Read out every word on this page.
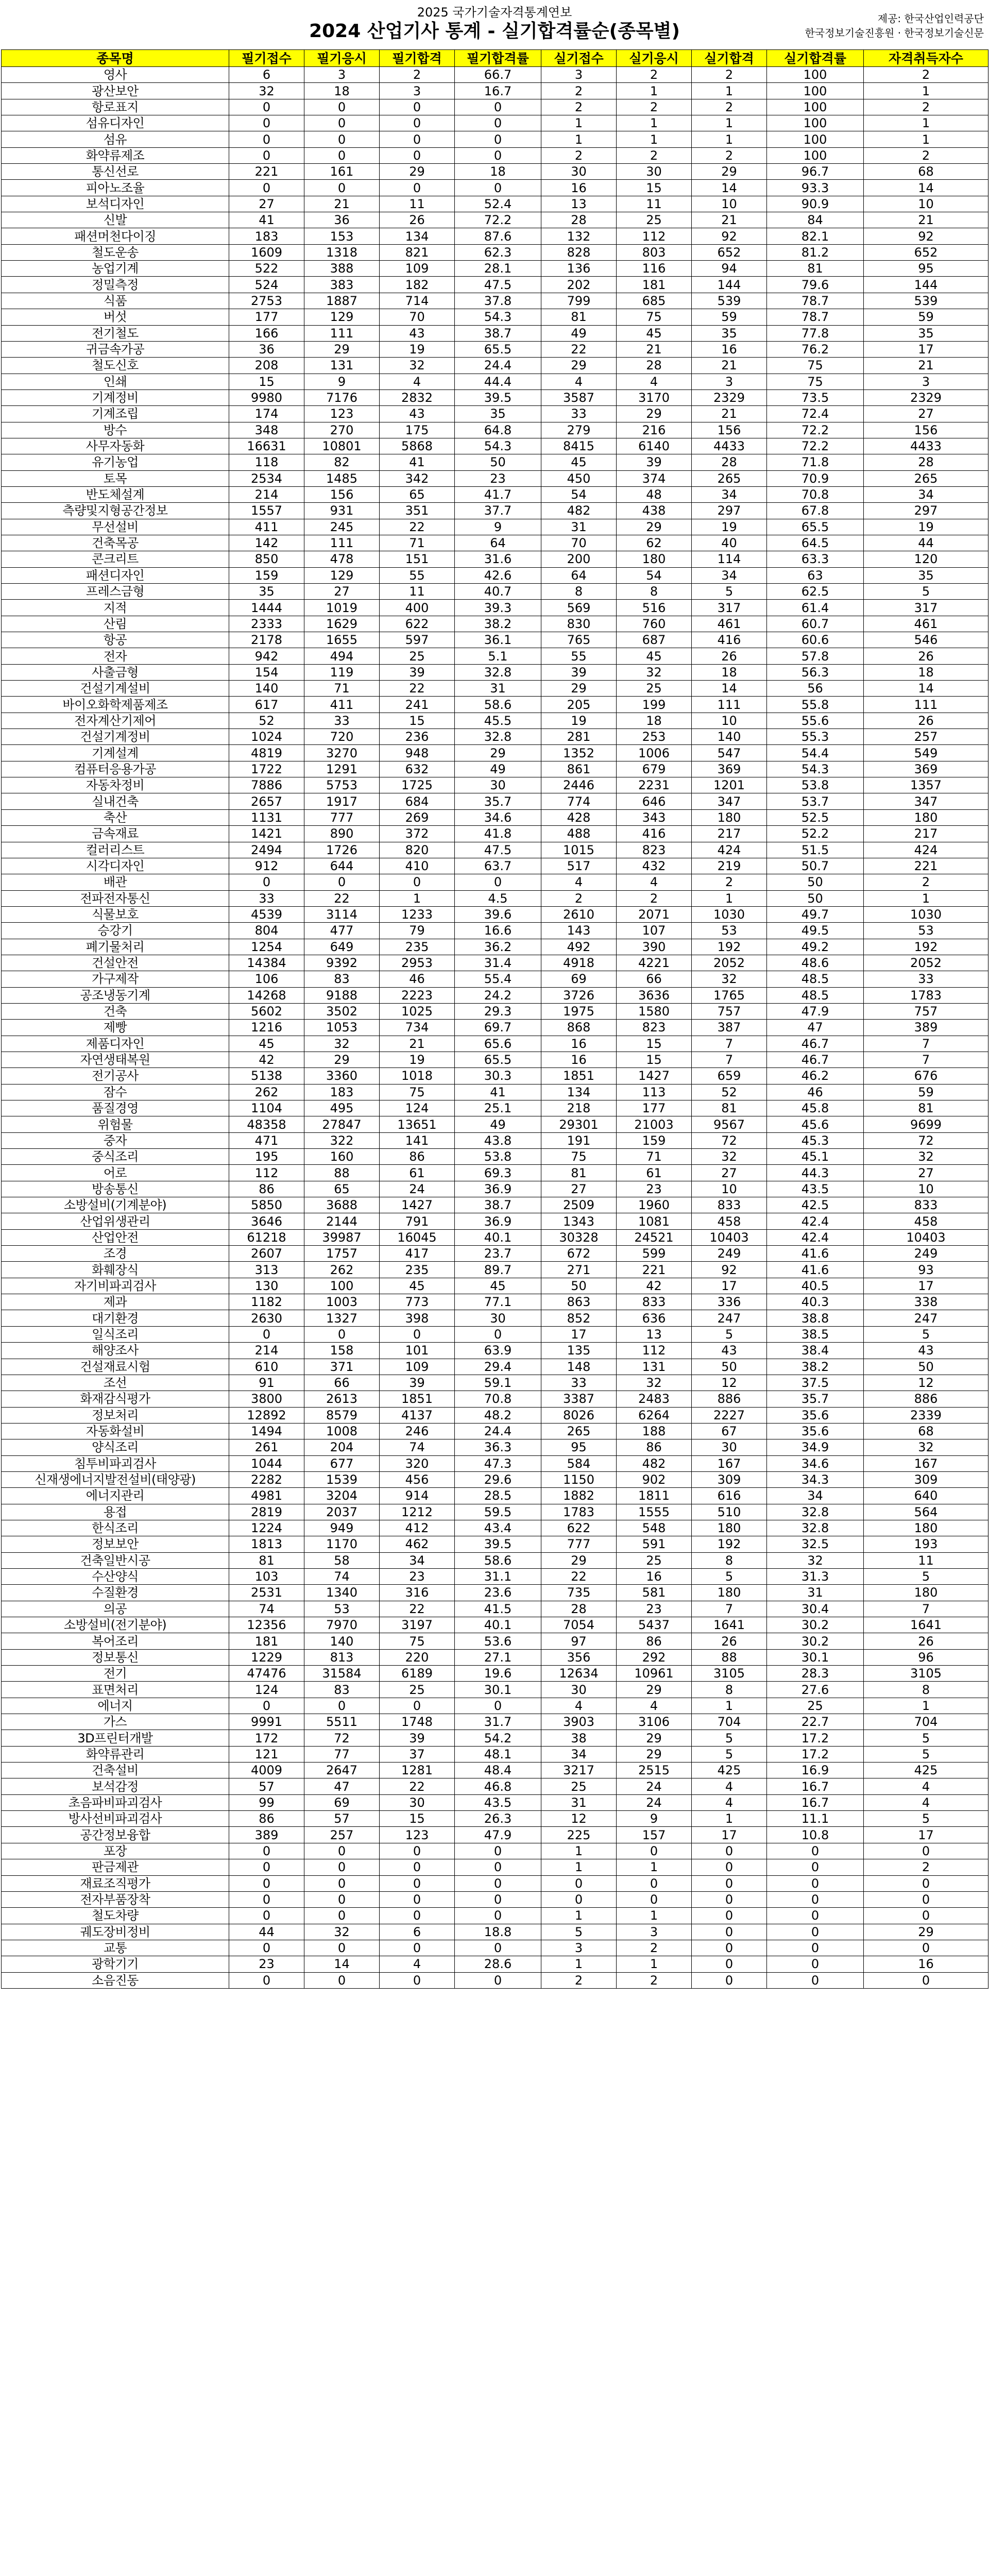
2025 국가기술자격통계연보
2024 산업기사 통계 - 실기합격률순(종목별)
제공: 한국산업인력공단
한국정보기술진흥원 · 한국정보기술신문
종목명	필기접수	필기응시	필기합격	필기합격률	실기접수	실기응시	실기합격	실기합격률	자격취득자수
영사	6	3	2	66.7	3	2	2	100	2
광산보안	32	18	3	16.7	2	1	1	100	1
항로표지	0	0	0	0	2	2	2	100	2
섬유디자인	0	0	0	0	1	1	1	100	1
섬유	0	0	0	0	1	1	1	100	1
화약류제조	0	0	0	0	2	2	2	100	2
통신선로	221	161	29	18	30	30	29	96.7	68
피아노조율	0	0	0	0	16	15	14	93.3	14
보석디자인	27	21	11	52.4	13	11	10	90.9	10
신발	41	36	26	72.2	28	25	21	84	21
패션머천다이징	183	153	134	87.6	132	112	92	82.1	92
철도운송	1609	1318	821	62.3	828	803	652	81.2	652
농업기계	522	388	109	28.1	136	116	94	81	95
정밀측정	524	383	182	47.5	202	181	144	79.6	144
식품	2753	1887	714	37.8	799	685	539	78.7	539
버섯	177	129	70	54.3	81	75	59	78.7	59
전기철도	166	111	43	38.7	49	45	35	77.8	35
귀금속가공	36	29	19	65.5	22	21	16	76.2	17
철도신호	208	131	32	24.4	29	28	21	75	21
인쇄	15	9	4	44.4	4	4	3	75	3
기계정비	9980	7176	2832	39.5	3587	3170	2329	73.5	2329
기계조립	174	123	43	35	33	29	21	72.4	27
방수	348	270	175	64.8	279	216	156	72.2	156
사무자동화	16631	10801	5868	54.3	8415	6140	4433	72.2	4433
유기농업	118	82	41	50	45	39	28	71.8	28
토목	2534	1485	342	23	450	374	265	70.9	265
반도체설계	214	156	65	41.7	54	48	34	70.8	34
측량및지형공간정보	1557	931	351	37.7	482	438	297	67.8	297
무선설비	411	245	22	9	31	29	19	65.5	19
건축목공	142	111	71	64	70	62	40	64.5	44
콘크리트	850	478	151	31.6	200	180	114	63.3	120
패션디자인	159	129	55	42.6	64	54	34	63	35
프레스금형	35	27	11	40.7	8	8	5	62.5	5
지적	1444	1019	400	39.3	569	516	317	61.4	317
산림	2333	1629	622	38.2	830	760	461	60.7	461
항공	2178	1655	597	36.1	765	687	416	60.6	546
전자	942	494	25	5.1	55	45	26	57.8	26
사출금형	154	119	39	32.8	39	32	18	56.3	18
건설기계설비	140	71	22	31	29	25	14	56	14
바이오화학제품제조	617	411	241	58.6	205	199	111	55.8	111
전자계산기제어	52	33	15	45.5	19	18	10	55.6	26
건설기계정비	1024	720	236	32.8	281	253	140	55.3	257
기계설계	4819	3270	948	29	1352	1006	547	54.4	549
컴퓨터응용가공	1722	1291	632	49	861	679	369	54.3	369
자동차정비	7886	5753	1725	30	2446	2231	1201	53.8	1357
실내건축	2657	1917	684	35.7	774	646	347	53.7	347
축산	1131	777	269	34.6	428	343	180	52.5	180
금속재료	1421	890	372	41.8	488	416	217	52.2	217
컬러리스트	2494	1726	820	47.5	1015	823	424	51.5	424
시각디자인	912	644	410	63.7	517	432	219	50.7	221
배관	0	0	0	0	4	4	2	50	2
전파전자통신	33	22	1	4.5	2	2	1	50	1
식물보호	4539	3114	1233	39.6	2610	2071	1030	49.7	1030
승강기	804	477	79	16.6	143	107	53	49.5	53
폐기물처리	1254	649	235	36.2	492	390	192	49.2	192
건설안전	14384	9392	2953	31.4	4918	4221	2052	48.6	2052
가구제작	106	83	46	55.4	69	66	32	48.5	33
공조냉동기계	14268	9188	2223	24.2	3726	3636	1765	48.5	1783
건축	5602	3502	1025	29.3	1975	1580	757	47.9	757
제빵	1216	1053	734	69.7	868	823	387	47	389
제품디자인	45	32	21	65.6	16	15	7	46.7	7
자연생태복원	42	29	19	65.5	16	15	7	46.7	7
전기공사	5138	3360	1018	30.3	1851	1427	659	46.2	676
잠수	262	183	75	41	134	113	52	46	59
품질경영	1104	495	124	25.1	218	177	81	45.8	81
위험물	48358	27847	13651	49	29301	21003	9567	45.6	9699
중자	471	322	141	43.8	191	159	72	45.3	72
중식조리	195	160	86	53.8	75	71	32	45.1	32
어로	112	88	61	69.3	81	61	27	44.3	27
방송통신	86	65	24	36.9	27	23	10	43.5	10
소방설비(기계분야)	5850	3688	1427	38.7	2509	1960	833	42.5	833
산업위생관리	3646	2144	791	36.9	1343	1081	458	42.4	458
산업안전	61218	39987	16045	40.1	30328	24521	10403	42.4	10403
조경	2607	1757	417	23.7	672	599	249	41.6	249
화훼장식	313	262	235	89.7	271	221	92	41.6	93
자기비파괴검사	130	100	45	45	50	42	17	40.5	17
제과	1182	1003	773	77.1	863	833	336	40.3	338
대기환경	2630	1327	398	30	852	636	247	38.8	247
일식조리	0	0	0	0	17	13	5	38.5	5
해양조사	214	158	101	63.9	135	112	43	38.4	43
건설재료시험	610	371	109	29.4	148	131	50	38.2	50
조선	91	66	39	59.1	33	32	12	37.5	12
화재감식평가	3800	2613	1851	70.8	3387	2483	886	35.7	886
정보처리	12892	8579	4137	48.2	8026	6264	2227	35.6	2339
자동화설비	1494	1008	246	24.4	265	188	67	35.6	68
양식조리	261	204	74	36.3	95	86	30	34.9	32
침투비파괴검사	1044	677	320	47.3	584	482	167	34.6	167
신재생에너지발전설비(태양광)	2282	1539	456	29.6	1150	902	309	34.3	309
에너지관리	4981	3204	914	28.5	1882	1811	616	34	640
용접	2819	2037	1212	59.5	1783	1555	510	32.8	564
한식조리	1224	949	412	43.4	622	548	180	32.8	180
정보보안	1813	1170	462	39.5	777	591	192	32.5	193
건축일반시공	81	58	34	58.6	29	25	8	32	11
수산양식	103	74	23	31.1	22	16	5	31.3	5
수질환경	2531	1340	316	23.6	735	581	180	31	180
의공	74	53	22	41.5	28	23	7	30.4	7
소방설비(전기분야)	12356	7970	3197	40.1	7054	5437	1641	30.2	1641
복어조리	181	140	75	53.6	97	86	26	30.2	26
정보통신	1229	813	220	27.1	356	292	88	30.1	96
전기	47476	31584	6189	19.6	12634	10961	3105	28.3	3105
표면처리	124	83	25	30.1	30	29	8	27.6	8
에너지	0	0	0	0	4	4	1	25	1
가스	9991	5511	1748	31.7	3903	3106	704	22.7	704
3D프린터개발	172	72	39	54.2	38	29	5	17.2	5
화약류관리	121	77	37	48.1	34	29	5	17.2	5
건축설비	4009	2647	1281	48.4	3217	2515	425	16.9	425
보석감정	57	47	22	46.8	25	24	4	16.7	4
초음파비파괴검사	99	69	30	43.5	31	24	4	16.7	4
방사선비파괴검사	86	57	15	26.3	12	9	1	11.1	5
공간정보융합	389	257	123	47.9	225	157	17	10.8	17
포장	0	0	0	0	1	0	0	0	0
판금제관	0	0	0	0	1	1	0	0	2
재료조직평가	0	0	0	0	0	0	0	0	0
전자부품장착	0	0	0	0	0	0	0	0	0
철도차량	0	0	0	0	1	1	0	0	0
궤도장비정비	44	32	6	18.8	5	3	0	0	29
교통	0	0	0	0	3	2	0	0	0
광학기기	23	14	4	28.6	1	1	0	0	16
소음진동	0	0	0	0	2	2	0	0	0
